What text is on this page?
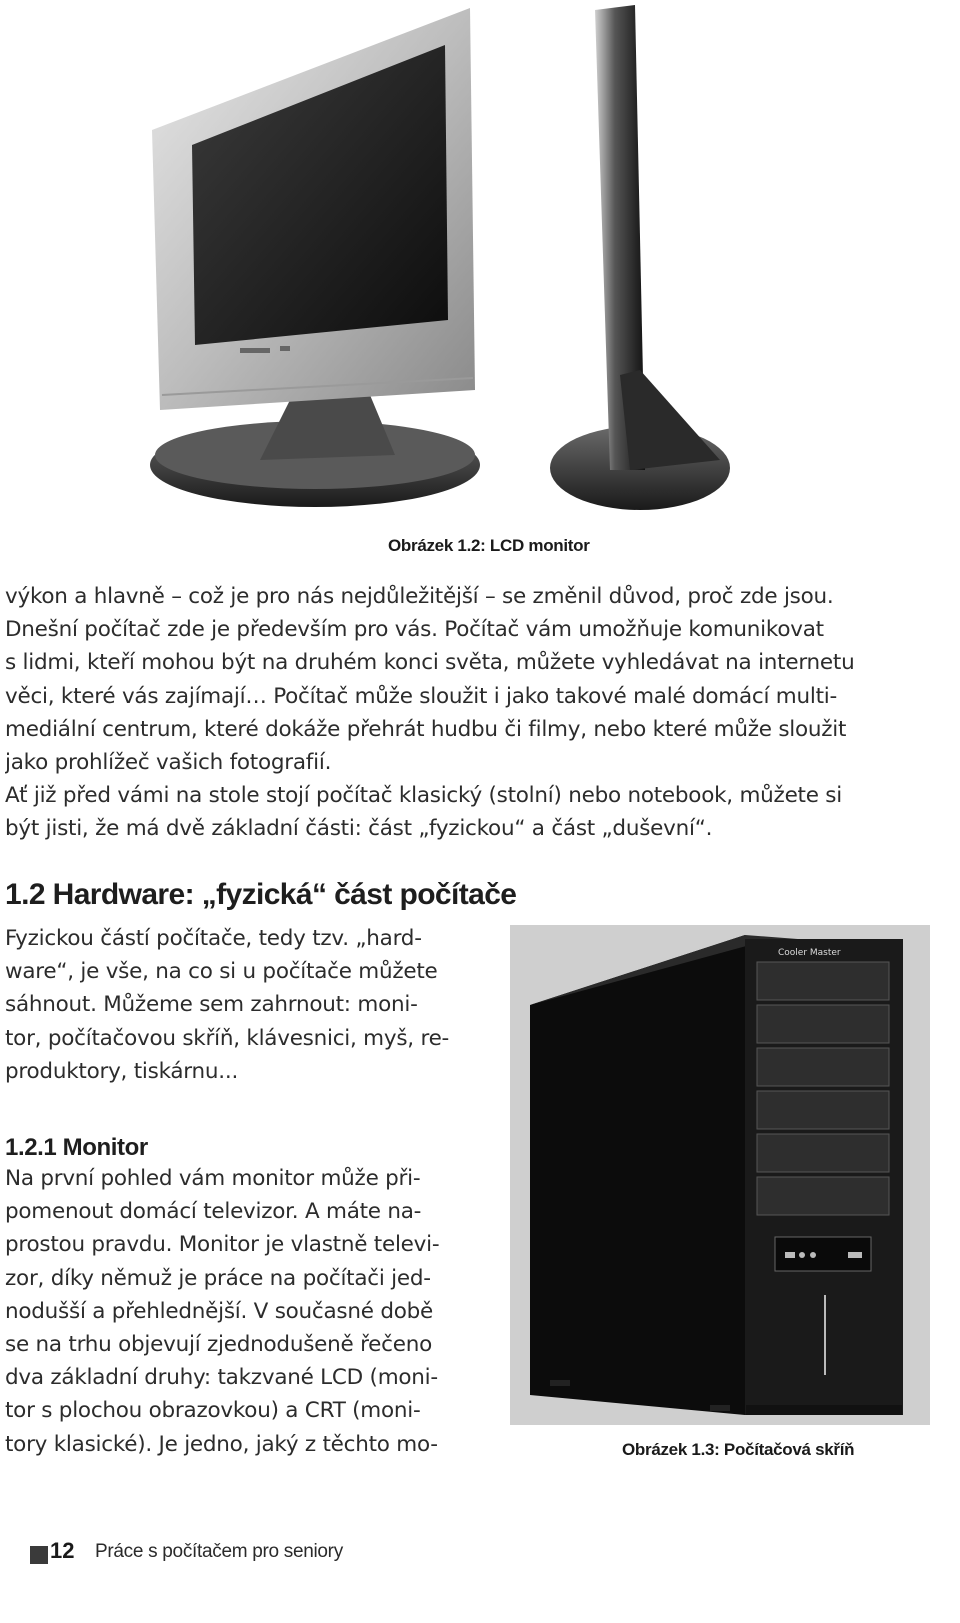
Obrázek 1.2: LCD monitor
výkon a hlavně – což je pro nás nejdůležitější – se změnil důvod, proč zde jsou.
Dnešní počítač zde je především pro vás. Počítač vám umožňuje komunikovat
s lidmi, kteří mohou být na druhém konci světa, můžete vyhledávat na internetu
věci, které vás zajímají… Počítač může sloužit i jako takové malé domácí multi-
mediální centrum, které dokáže přehrát hudbu či filmy, nebo které může sloužit
jako prohlížeč vašich fotografií.
Ať již před vámi na stole stojí počítač klasický (stolní) nebo notebook, můžete si
být jisti, že má dvě základní části: část „fyzickou“ a část „duševní“.
1.2 Hardware: „fyzická“ část počítače
Fyzickou částí počítače, tedy tzv. „hard-
ware“, je vše, na co si u počítače můžete
sáhnout. Můžeme sem zahrnout: moni-
tor, počítačovou skříň, klávesnici, myš, re-
produktory, tiskárnu...
1.2.1 Monitor
Na první pohled vám monitor může při-
pomenout domácí televizor. A máte na-
prostou pravdu. Monitor je vlastně televi-
zor, díky němuž je práce na počítači jed-
nodušší a přehlednější. V současné době
se na trhu objevují zjednodušeně řečeno
dva základní druhy: takzvané LCD (moni-
tor s plochou obrazovkou) a CRT (moni-
tory klasické). Je jedno, jaký z těchto mo-
Cooler Master
Obrázek 1.3: Počítačová skříň
12 Práce s počítačem pro seniory
